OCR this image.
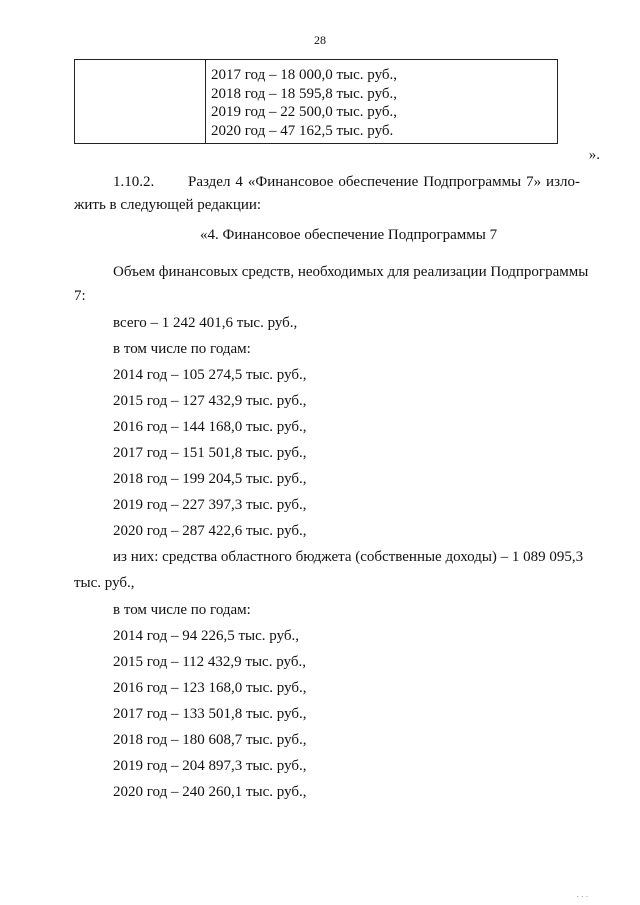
28
2017 год – 18 000,0 тыс. руб.,
2018 год – 18 595,8 тыс. руб.,
2019 год – 22 500,0 тыс. руб.,
2020 год – 47 162,5 тыс. руб.
».
1.10.2. Раздел 4 «Финансовое обеспечение Подпрограммы 7» изло-
жить в следующей редакции:
«4. Финансовое обеспечение Подпрограммы 7
Объем финансовых средств, необходимых для реализации Подпрограммы
7:
всего – 1 242 401,6 тыс. руб.,
в том числе по годам:
2014 год – 105 274,5 тыс. руб.,
2015 год – 127 432,9 тыс. руб.,
2016 год – 144 168,0 тыс. руб.,
2017 год – 151 501,8 тыс. руб.,
2018 год – 199 204,5 тыс. руб.,
2019 год – 227 397,3 тыс. руб.,
2020 год – 287 422,6 тыс. руб.,
из них: средства областного бюджета (собственные доходы) – 1 089 095,3
тыс. руб.,
в том числе по годам:
2014 год – 94 226,5 тыс. руб.,
2015 год – 112 432,9 тыс. руб.,
2016 год – 123 168,0 тыс. руб.,
2017 год – 133 501,8 тыс. руб.,
2018 год – 180 608,7 тыс. руб.,
2019 год – 204 897,3 тыс. руб.,
2020 год – 240 260,1 тыс. руб.,
. . .
